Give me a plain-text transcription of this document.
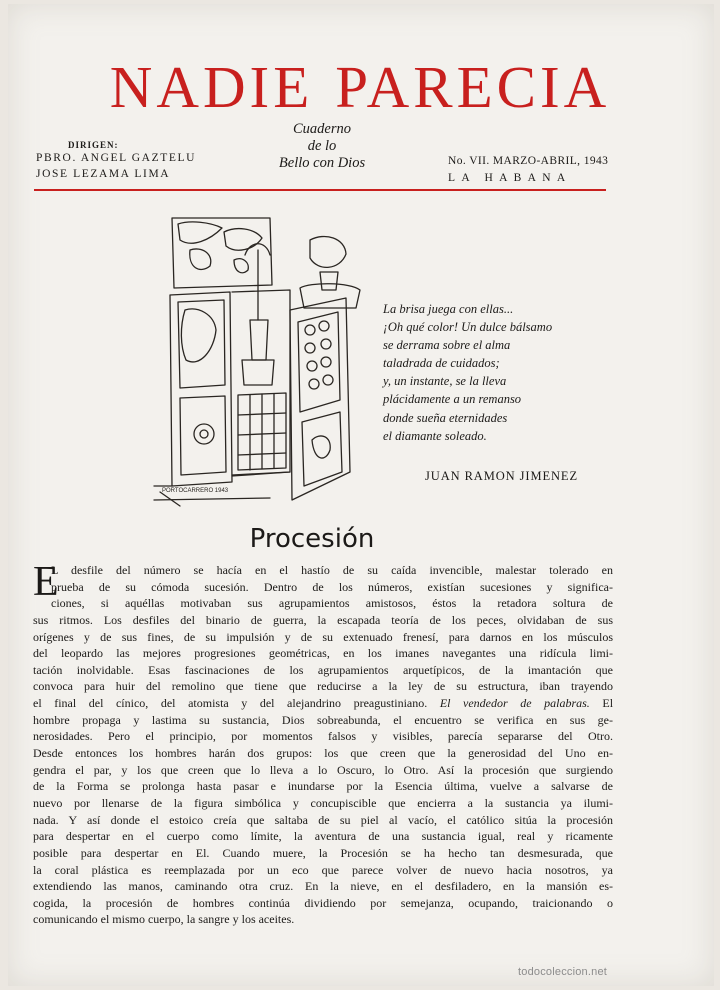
NADIE PARECIA
DIRIGEN:
PBRO. ANGEL GAZTELU
JOSE LEZAMA LIMA
Cuaderno
de lo
Bello con Dios	No. VII. MARZO-ABRIL, 1943
LA HABANA
PORTOCARRERO 1943
La brisa juega con ellas...
¡Oh qué color! Un dulce bálsamo
se derrama sobre el alma
taladrada de cuidados;
y, un instante, se la lleva
plácidamente a un remanso
donde sueña eternidades
el diamante soleado.
JUAN RAMON JIMENEZ
Procesión
E
L desfile del número se hacía en el hastío de su caída invencible, malestar tolerado en
prueba de su cómoda sucesión. Dentro de los números, existían sucesiones y significa-
ciones, si aquéllas motivaban sus agrupamientos amistosos, éstos la retadora soltura de
sus ritmos. Los desfiles del binario de guerra, la escapada teoría de los peces, olvidaban de sus
orígenes y de sus fines, de su impulsión y de su extenuado frenesí, para darnos en los músculos
del leopardo las mejores progresiones geométricas, en los imanes navegantes una ridícula limi-
tación inolvidable. Esas fascinaciones de los agrupamientos arquetípicos, de la imantación que
convoca para huir del remolino que tiene que reducirse a la ley de su estructura, iban trayendo
el final del cínico, del atomista y del alejandrino preagustiniano. El vendedor de palabras. El
hombre propaga y lastima su sustancia, Dios sobreabunda, el encuentro se verifica en sus ge-
nerosidades. Pero el principio, por momentos falsos y visibles, parecía separarse del Otro.
Desde entonces los hombres harán dos grupos: los que creen que la generosidad del Uno en-
gendra el par, y los que creen que lo lleva a lo Oscuro, lo Otro. Así la procesión que surgiendo
de la Forma se prolonga hasta pasar e inundarse por la Esencia última, vuelve a salvarse de
nuevo por llenarse de la figura simbólica y concupiscible que encierra a la sustancia ya ilumi-
nada. Y así donde el estoico creía que saltaba de su piel al vacío, el católico sitúa la procesión
para despertar en el cuerpo como límite, la aventura de una sustancia igual, real y ricamente
posible para despertar en El. Cuando muere, la Procesión se ha hecho tan desmesurada, que
la coral plástica es reemplazada por un eco que parece volver de nuevo hacia nosotros, ya
extendiendo las manos, caminando otra cruz. En la nieve, en el desfiladero, en la mansión es-
cogida, la procesión de hombres continúa dividiendo por semejanza, ocupando, traicionando o
comunicando el mismo cuerpo, la sangre y los aceites.
todocoleccion.net
